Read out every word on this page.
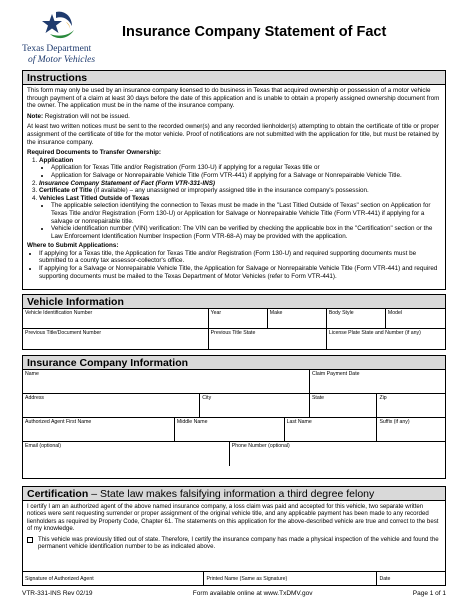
Texas Department
of Motor Vehicles
Insurance Company Statement of Fact
Instructions

This form may only be used by an insurance company licensed to do business in Texas that acquired ownership or possession of a motor vehicle through payment of a claim at least 30 days before the date of this application and is unable to obtain a properly assigned ownership document from the owner. The application must be in the name of the insurance company.

Note: Registration will not be issued.

At least two written notices must be sent to the recorded owner(s) and any recorded lienholder(s) attempting to obtain the certificate of title or proper assignment of the certificate of title for the motor vehicle. Proof of notifications are not submitted with the application for title, but must be retained by the insurance company.

Required Documents to Transfer Ownership:

1. Application
• Application for Texas Title and/or Registration (Form 130-U) if applying for a regular Texas title or
• Application for Salvage or Nonrepairable Vehicle Title (Form VTR-441) if applying for a Salvage or Nonrepairable Vehicle Title.
2. Insurance Company Statement of Fact (Form VTR-331-INS)
3. Certificate of Title (if available) – any unassigned or improperly assigned title in the insurance company's possession.
4. Vehicles Last Titled Outside of Texas
• The applicable selection identifying the connection to Texas must be made in the "Last Titled Outside of Texas" section on Application for Texas Title and/or Registration (Form 130-U) or Application for Salvage or Nonrepairable Vehicle Title (Form VTR-441) if applying for a salvage or nonrepairable title.
• Vehicle identification number (VIN) verification: The VIN can be verified by checking the applicable box in the "Certification" section or the Law Enforcement Identification Number Inspection (Form VTR-68-A) may be provided with the application.

Where to Submit Applications:

• If applying for a Texas title, the Application for Texas Title and/or Registration (Form 130-U) and required supporting documents must be submitted to a county tax assessor-collector's office.
• If applying for a Salvage or Nonrepairable Vehicle Title, the Application for Salvage or Nonrepairable Vehicle Title (Form VTR-441) and required supporting documents must be mailed to the Texas Department of Motor Vehicles (refer to Form VTR-441).
Vehicle Information
Vehicle Identification Number	Year	Make	Body Style	Model
Previous Title/Document Number	Previous Title State	License Plate State and Number (if any)
Insurance Company Information
Name	Claim Payment Date
Address	City	State	Zip
Authorized Agent First Name	Middle Name	Last Name	Suffix (if any)
Email (optional)	Phone Number (optional)
Certification – State law makes falsifying information a third degree felony
I certify I am an authorized agent of the above named insurance company, a loss claim was paid and accepted for this vehicle, two separate written notices were sent requesting surrender or proper assignment of the original vehicle title, and any applicable payment has been made to any recorded lienholders as required by Property Code, Chapter 61. The statements on this application for the above-described vehicle are true and correct to the best of my knowledge.
This vehicle was previously titled out of state. Therefore, I certify the insurance company has made a physical inspection of the vehicle and found the permanent vehicle identification number to be as indicated above.
Signature of Authorized Agent	Printed Name (Same as Signature)	Date
VTR-331-INS Rev 02/19	Form available online at www.TxDMV.gov	Page 1 of 1
